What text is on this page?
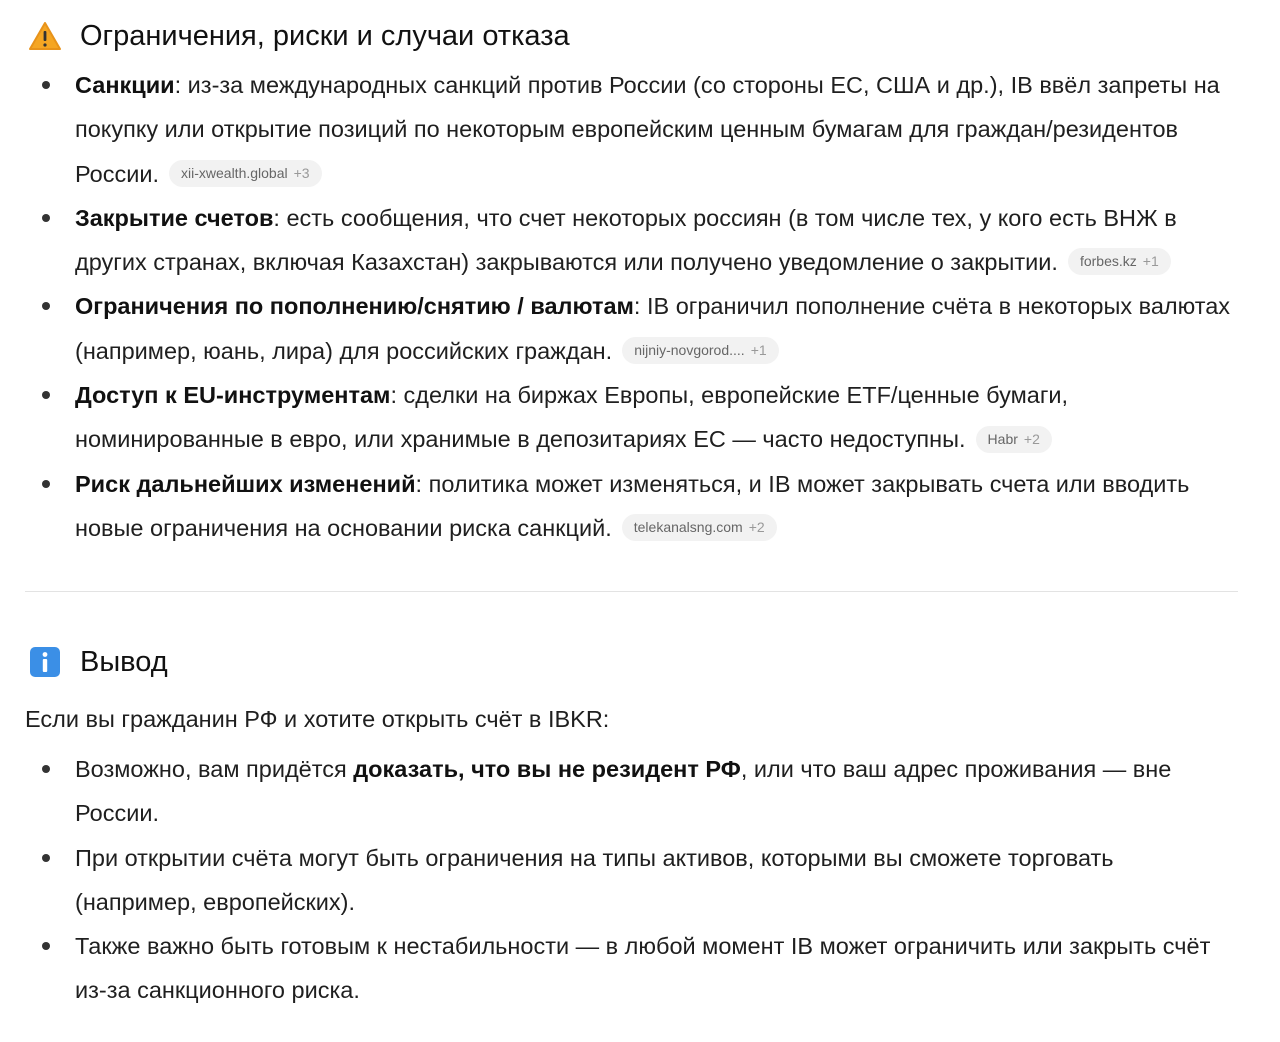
Ограничения, риски и случаи отказа
Санкции: из-за международных санкций против России (со стороны ЕС, США и др.), IB ввёл запреты на покупку или открытие позиций по некоторым европейским ценным бумагам для граждан/резидентов России. xii-xwealth.global +3
Закрытие счетов: есть сообщения, что счет некоторых россиян (в том числе тех, у кого есть ВНЖ в других странах, включая Казахстан) закрываются или получено уведомление о закрытии. forbes.kz +1
Ограничения по пополнению/снятию / валютам: IB ограничил пополнение счёта в некоторых валютах (например, юань, лира) для российских граждан. nijniy-novgorod.... +1
Доступ к EU-инструментам: сделки на биржах Европы, европейские ETF/ценные бумаги, номинированные в евро, или хранимые в депозитариях ЕС — часто недоступны. Habr +2
Риск дальнейших изменений: политика может изменяться, и IB может закрывать счета или вводить новые ограничения на основании риска санкций. telekanalsng.com +2
Вывод
Если вы гражданин РФ и хотите открыть счёт в IBKR:
Возможно, вам придётся доказать, что вы не резидент РФ, или что ваш адрес проживания — вне России.
При открытии счёта могут быть ограничения на типы активов, которыми вы сможете торговать (например, европейских).
Также важно быть готовым к нестабильности — в любой момент IB может ограничить или закрыть счёт из-за санкционного риска.
